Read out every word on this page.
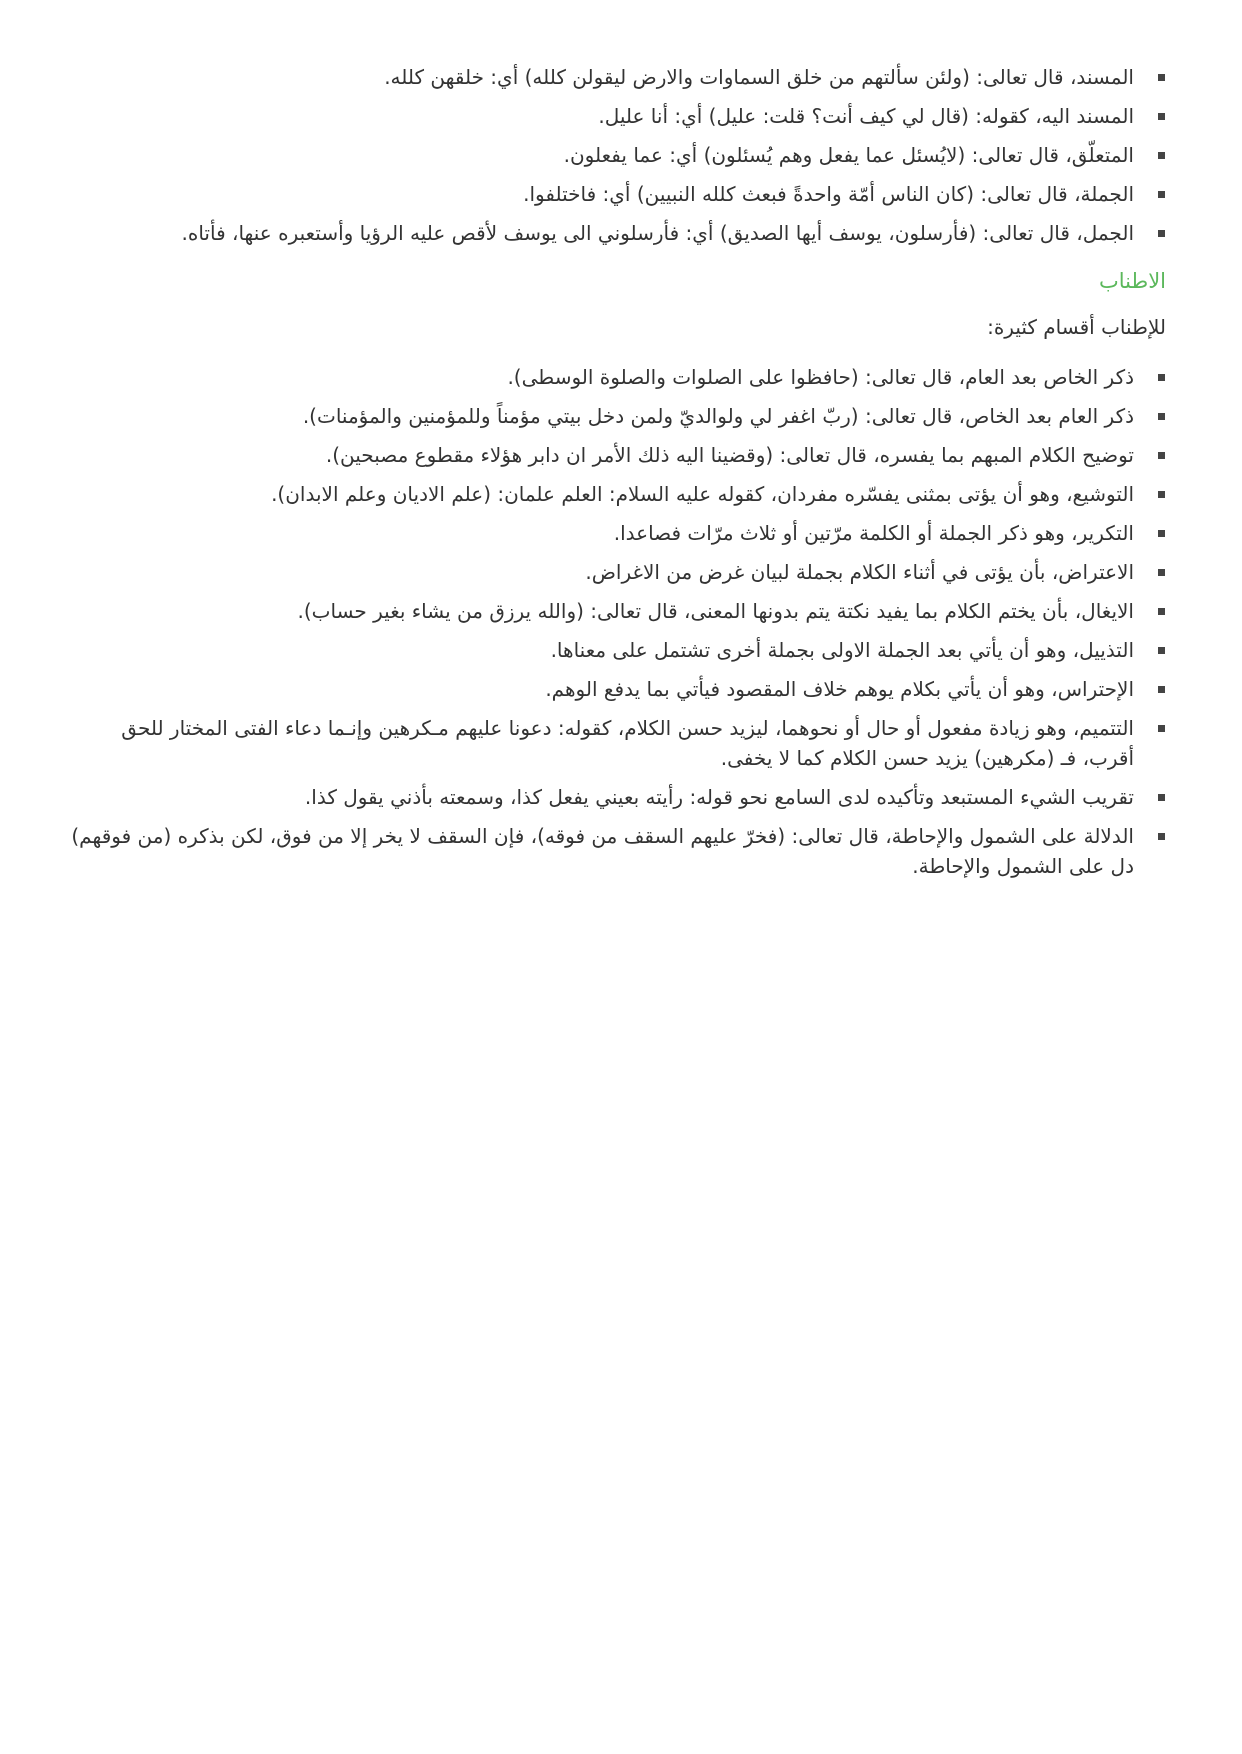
المسند، قال تعالى: (ولئن سألتهم من خلق السماوات والارض ليقولن كلله) أي: خلقهن كلله.
المسند اليه، كقوله: (قال لي كيف أنت؟ قلت: عليل) أي: أنا عليل.
المتعلّق، قال تعالى: (لايُسئل عما يفعل وهم يُسئلون) أي: عما يفعلون.
الجملة، قال تعالى: (كان الناس أمّة واحدةً فبعث كلله النبيين) أي: فاختلفوا.
الجمل، قال تعالى: (فأرسلون، يوسف أيها الصديق) أي: فأرسلوني الى يوسف لأقص عليه الرؤيا وأستعبره عنها، فأتاه.
الاطناب
للإطناب أقسام كثيرة:
ذكر الخاص بعد العام، قال تعالى: (حافظوا على الصلوات والصلوة الوسطى).
ذكر العام بعد الخاص، قال تعالى: (ربّ اغفر لي ولوالديّ ولمن دخل بيتي مؤمناً وللمؤمنين والمؤمنات).
توضيح الكلام المبهم بما يفسره، قال تعالى: (وقضينا اليه ذلك الأمر ان دابر هؤلاء مقطوع مصبحين).
التوشيع، وهو أن يؤتى بمثنى يفسّره مفردان، كقوله عليه السلام: العلم علمان: (علم الاديان وعلم الابدان).
التكرير، وهو ذكر الجملة أو الكلمة مرّتين أو ثلاث مرّات فصاعدا.
الاعتراض، بأن يؤتى في أثناء الكلام بجملة لبيان غرض من الاغراض.
الايغال، بأن يختم الكلام بما يفيد نكتة يتم بدونها المعنى، قال تعالى: (والله يرزق من يشاء بغير حساب).
التذييل، وهو أن يأتي بعد الجملة الاولى بجملة أخرى تشتمل على معناها.
الإحتراس، وهو أن يأتي بكلام يوهم خلاف المقصود فيأتي بما يدفع الوهم.
التتميم، وهو زيادة مفعول أو حال أو نحوهما، ليزيد حسن الكلام، كقوله: دعونا عليهم مـكرهين وإنـما دعاء الفتى المختار للحق أقرب، فـ (مكرهين) يزيد حسن الكلام كما لا يخفى.
تقريب الشيء المستبعد وتأكيده لدى السامع نحو قوله: رأيته بعيني يفعل كذا، وسمعته بأذني يقول كذا.
الدلالة على الشمول والإحاطة، قال تعالى: (فخرّ عليهم السقف من فوقه)، فإن السقف لا يخر إلا من فوق، لكن بذكره (من فوقهم) دل على الشمول والإحاطة.
